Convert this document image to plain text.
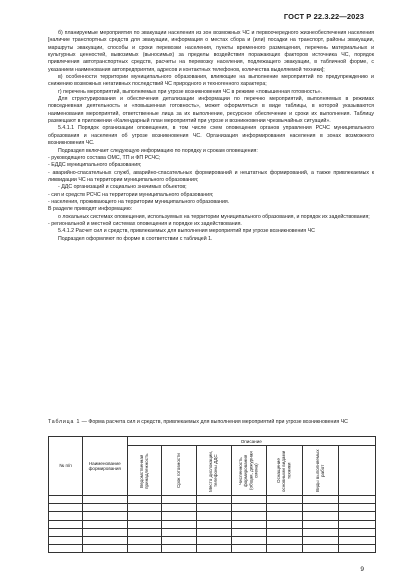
ГОСТ Р 22.3.22—2023

б) планируемые мероприятия по эвакуации населения из зон возможных ЧС и первоочередного жизнеобеспечения населения [наличие транспортных средств для эвакуации, информация о местах сбора и (или) посадки на транспорт, районы эвакуации, маршруты эвакуации, способы и сроки перевозки населения, пункты временного размещения, перечень материальных и культурных ценностей, вывозимых (выносимых) за пределы воздействия поражающих факторов источника ЧС, порядок привлечения автотранспортных средств, расчеты на перевозку населения, подлежащего эвакуации, в табличной форме, с указанием наименования автопредприятия, адресов и контактных телефонов, количества выделяемой техники];

в) особенности территории муниципального образования, влияющие на выполнение мероприятий по предупреждению и снижению возможных негативных последствий ЧС природного и техногенного характера;

г) перечень мероприятий, выполняемых при угрозе возникновения ЧС в режиме «повышенная готовность».

Для структурирования и обеспечения детализации информации по перечню мероприятий, выполняемых в режимах повседневная деятельность и «повышенная готовность», может оформляться в виде таблицы, в которой указываются наименования мероприятий, ответственные лица за их выполнение, ресурсное обеспечение и сроки их выполнения. Таблицу размещают в приложении «Календарный план мероприятий при угрозе и возникновении чрезвычайных ситуаций».

5.4.1.1 Порядок организации оповещения, в том числе схем оповещения органов управления РСЧС муниципального образования и населения об угрозе возникновения ЧС. Организация информирования населения в зонах возможного возникновения ЧС.

Подраздел включает следующую информацию по порядку и срокам оповещения:

- руководящего состава ОМС, ТП и ФП РСЧС;

- ЕДДС муниципального образования;

- аварийно-спасательных служб, аварийно-спасательных формирований и нештатных формирований, а также привлекаемых к ликвидации ЧС на территории муниципального образования;

- ДДС организаций и социально значимых объектов;

- сил и средств РСЧС на территории муниципального образования;

- населения, проживающего на территории муниципального образования.

В разделе приводят информацию:

о локальных системах оповещения, используемых на территории муниципального образования, и порядок их задействования;

- региональной и местной системах оповещения и порядке их задействования.

5.4.1.2 Расчет сил и средств, привлекаемых для выполнения мероприятий при угрозе возникновения ЧС

Подраздел оформляют по форме в соответствии с таблицей 1.

Таблица 1 — Форма расчета сил и средств, привлекаемых для выполнения мероприятий при угрозе возникновения ЧС
№ п/п	Наименование формирования	Описание						

		Ведомственная принадлежность	Срок готовности	Место дислокации, телефоны ДДС	Численность формирования (общая, дежурная смена)	Оснащение основными видами техники	Виды выполняемых работ	

9
